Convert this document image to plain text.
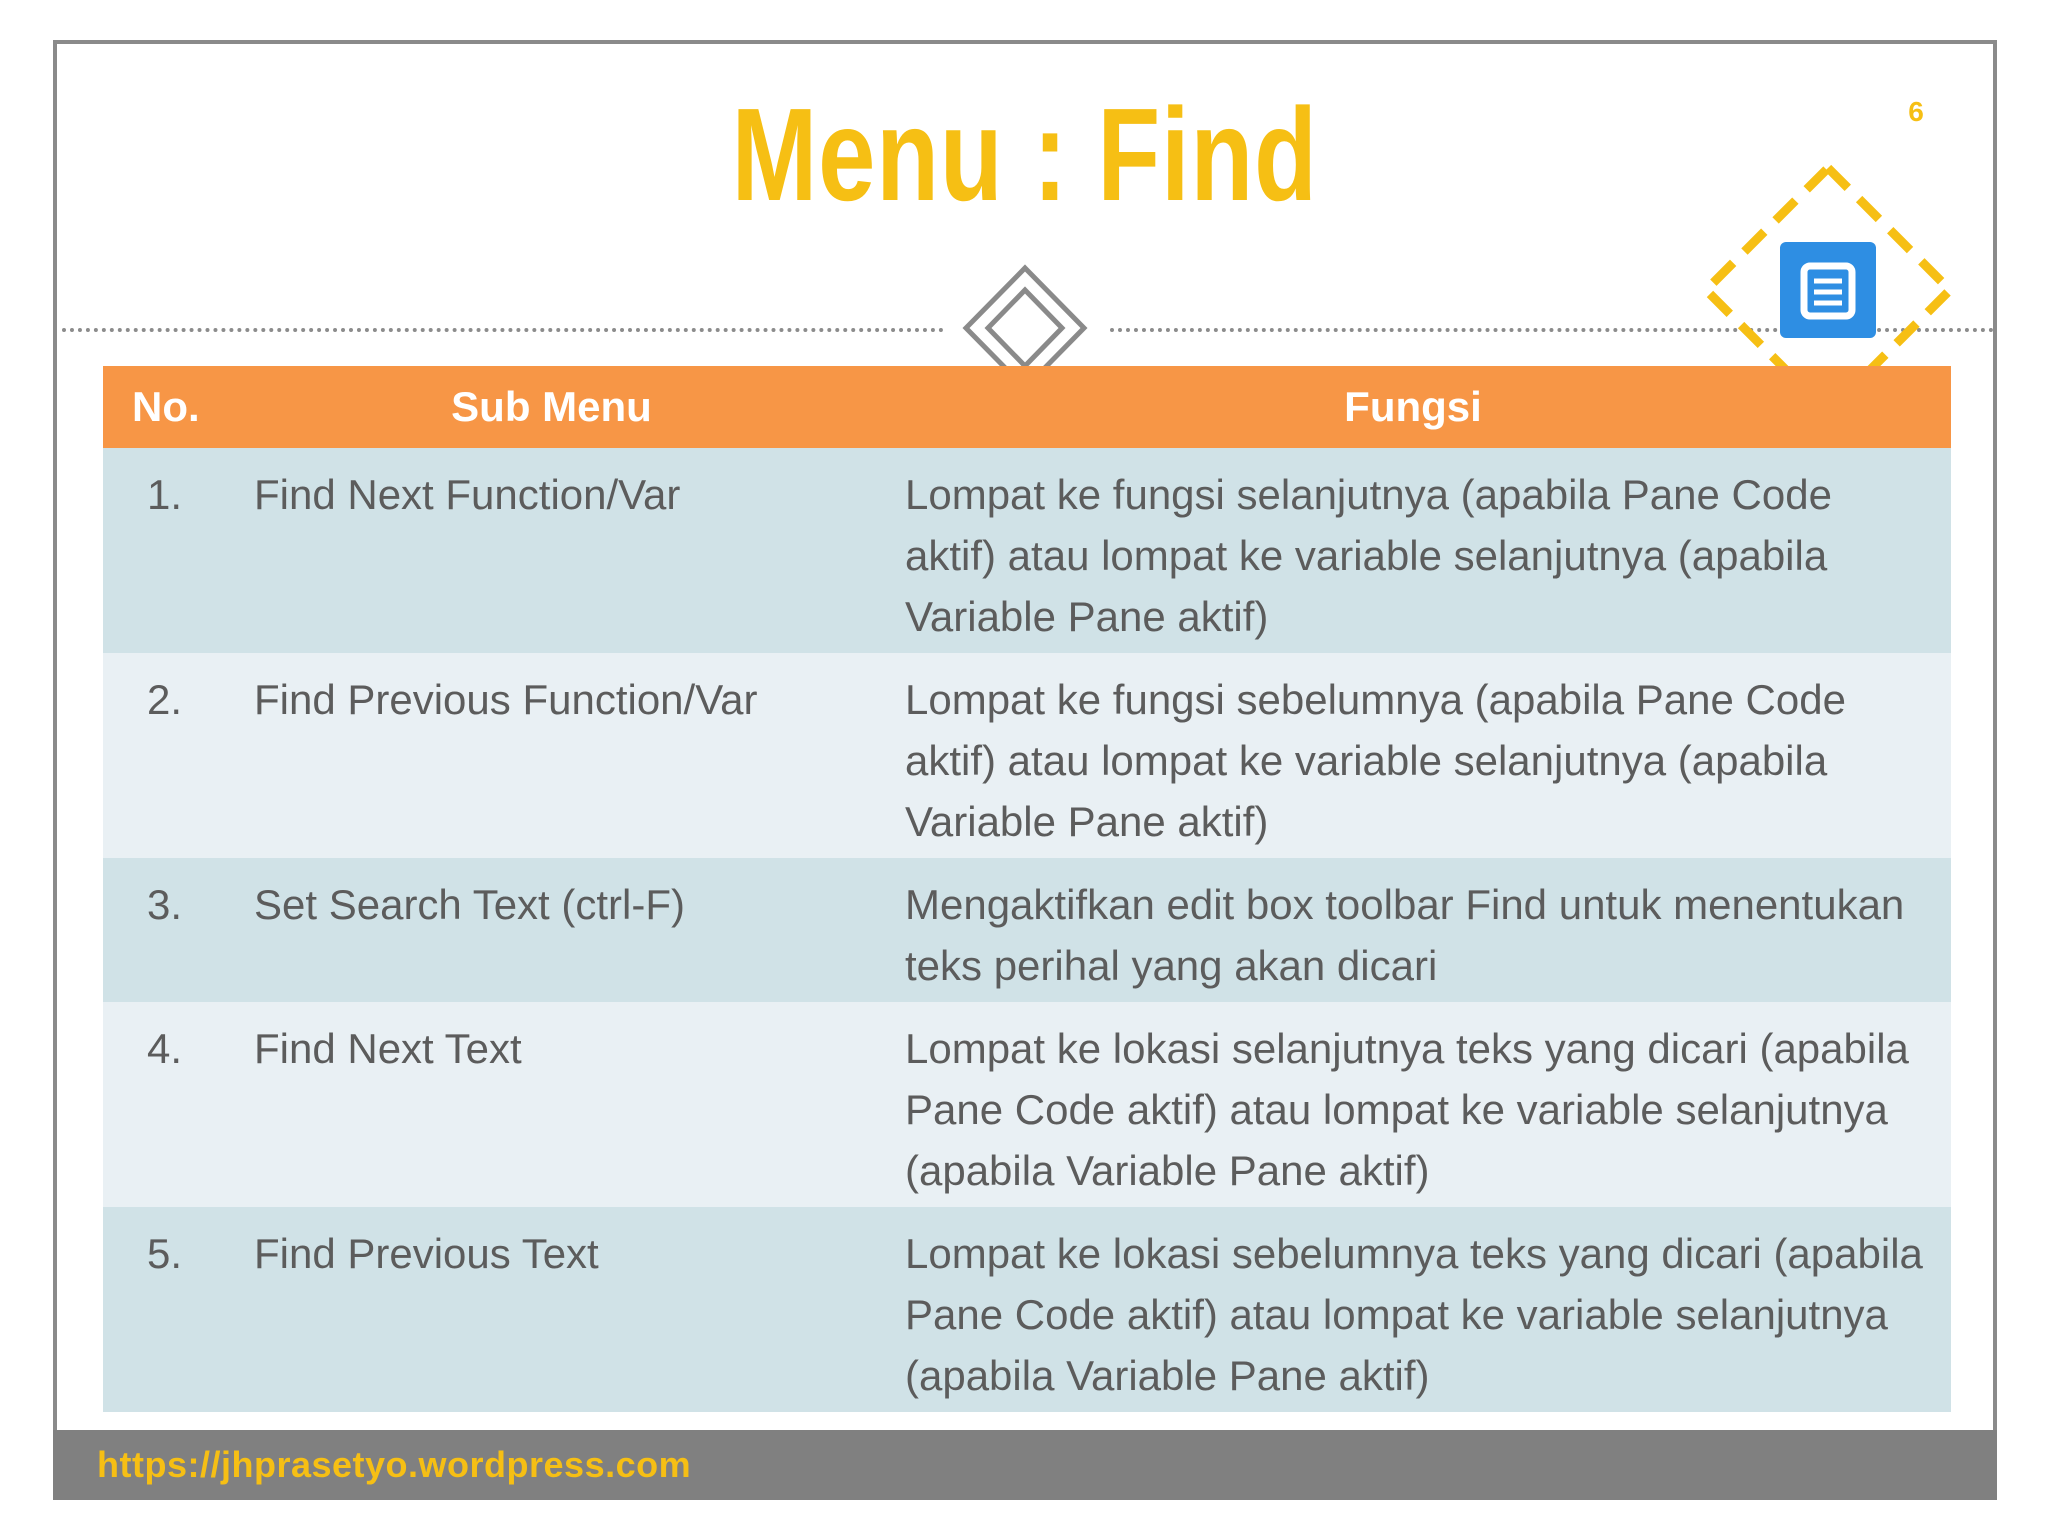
Menu : Find	6
No.	Sub Menu	Fungsi
1.	Find Next Function/Var	Lompat ke fungsi selanjutnya (apabila Pane Code aktif) atau lompat ke variable selanjutnya (apabila Variable Pane aktif)
2.	Find Previous Function/Var	Lompat ke fungsi sebelumnya (apabila Pane Code aktif) atau lompat ke variable selanjutnya (apabila Variable Pane aktif)
3.	Set Search Text (ctrl-F)	Mengaktifkan edit box toolbar Find untuk menentukan teks perihal yang akan dicari
4.	Find Next Text	Lompat ke lokasi selanjutnya teks yang dicari (apabila Pane Code aktif) atau lompat ke variable selanjutnya (apabila Variable Pane aktif)
5.	Find Previous Text	Lompat ke lokasi sebelumnya teks yang dicari (apabila Pane Code aktif) atau lompat ke variable selanjutnya (apabila Variable Pane aktif)
https://jhprasetyo.wordpress.com
